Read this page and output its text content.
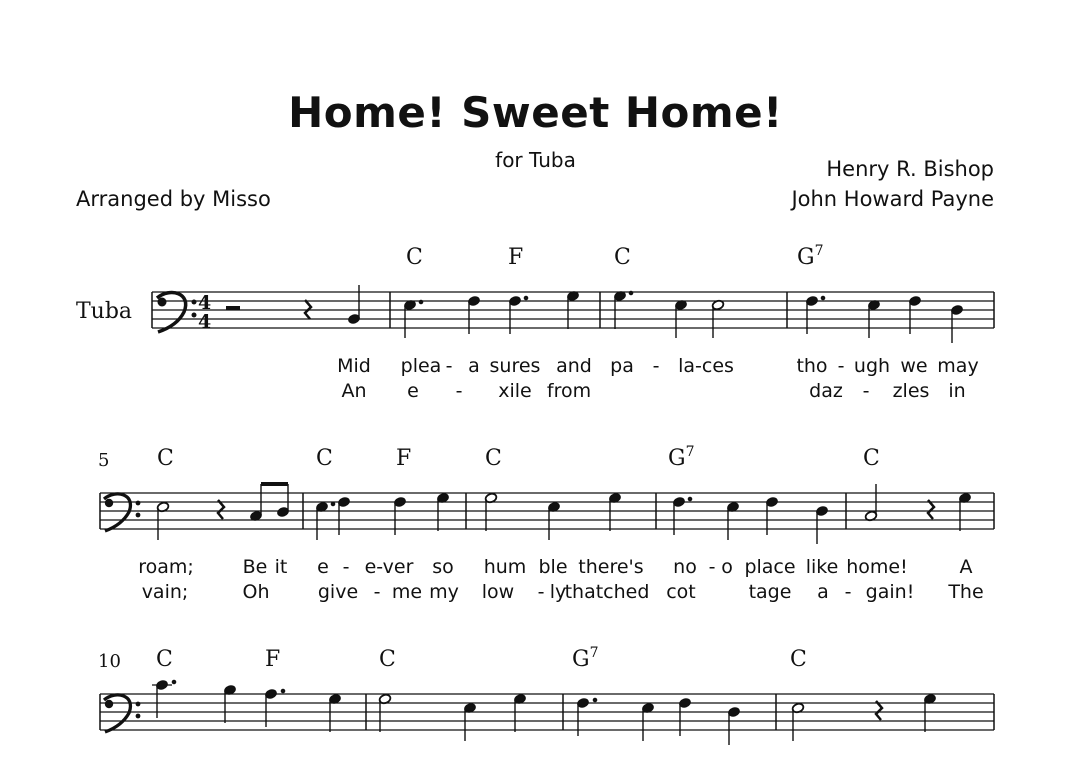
Home! Sweet Home!
for Tuba	Henry R. Bishop
John Howard Payne
Arranged by Misso
Tuba	4
4
C	F	C	$G^7$
Mid plea - a sures and pa - la-ces	tho - ugh we may
An e - xile from	daz - zles in
5 C	C	F	C	$G^7$	C
roam;	Be it e - e-ver so hum ble there's no - o place like home!	A
vain;	Oh	give - me my low - ly
thatched cot	tage a - gain! The
10 C	F	C	$G^7$	C
